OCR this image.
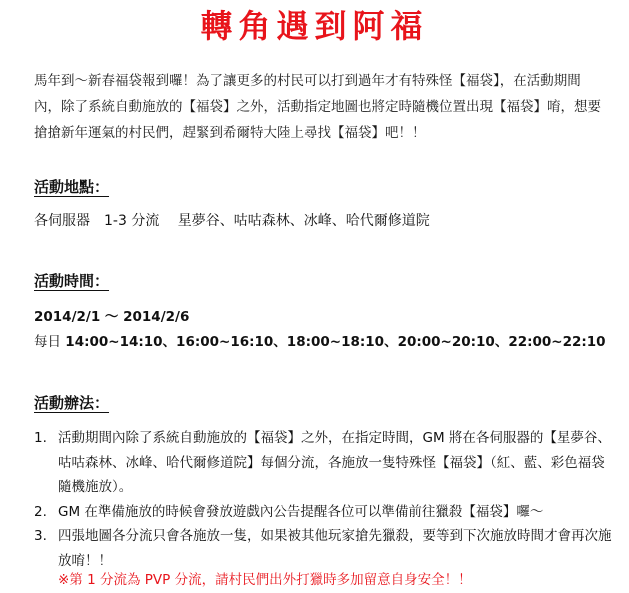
轉角遇到阿福
馬年到～新春福袋報到囉！為了讓更多的村民可以打到過年才有特殊怪【福袋】，在活動期間內，除了系統自動施放的【福袋】之外，活動指定地圖也將定時隨機位置出現【福袋】唷，想要搶搶新年運氣的村民們，趕緊到希爾特大陸上尋找【福袋】吧！！
活動地點：
各伺服器　1-3 分流　 星夢谷、咕咕森林、冰峰、哈代爾修道院
活動時間：
2014/2/1 ～ 2014/2/6
每日 14:00~14:10、16:00~16:10、18:00~18:10、20:00~20:10、22:00~22:10
活動辦法：
1. 活動期間內除了系統自動施放的【福袋】之外，在指定時間，GM 將在各伺服器的【星夢谷、咕咕森林、冰峰、哈代爾修道院】每個分流，各施放一隻特殊怪【福袋】（紅、藍、彩色福袋隨機施放）。
2. GM 在準備施放的時候會發放遊戲內公告提醒各位可以準備前往獵殺【福袋】囉～
3. 四張地圖各分流只會各施放一隻，如果被其他玩家搶先獵殺，要等到下次施放時間才會再次施放唷！！
※第 1 分流為 PVP 分流，請村民們出外打獵時多加留意自身安全！！
